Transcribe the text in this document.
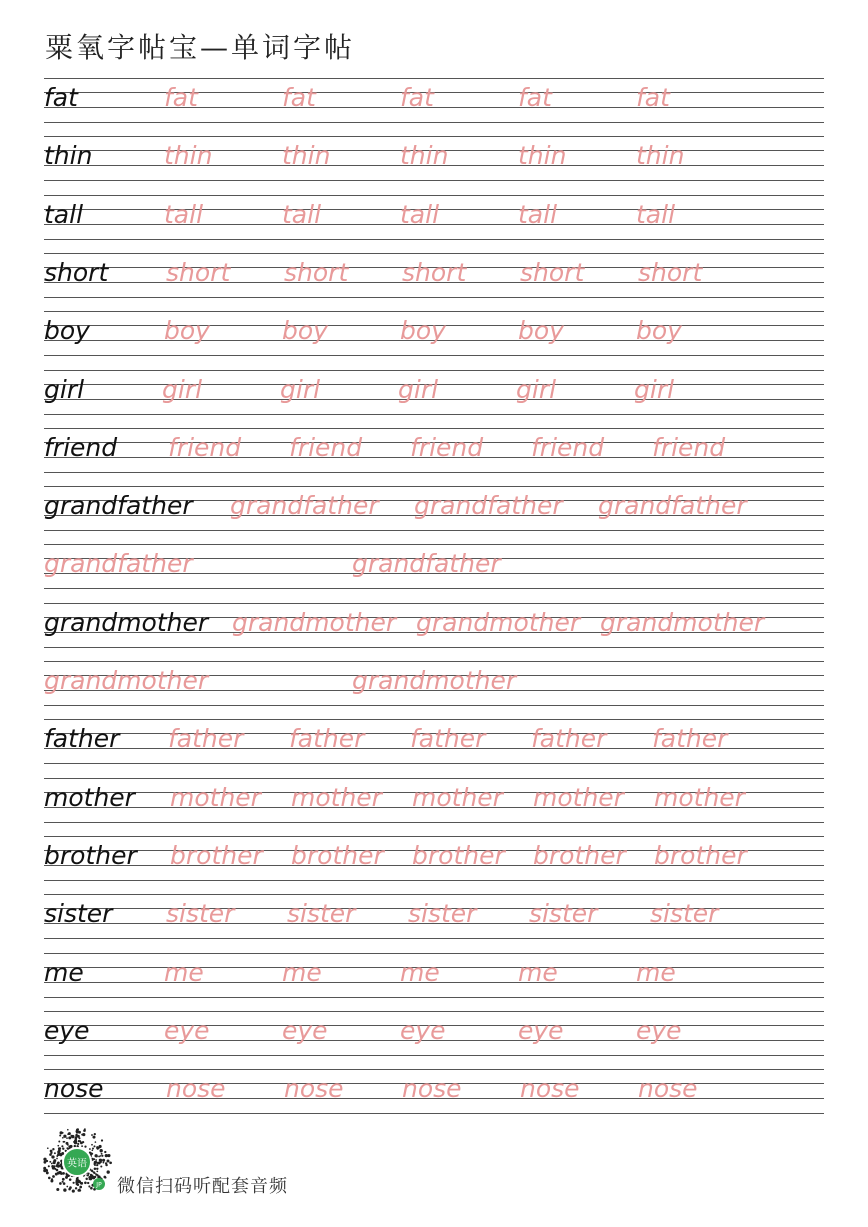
粟氧字帖宝—单词字帖
fat	fat	fat	fat	fat	fat
thin	thin	thin	thin	thin	thin
tall	tall	tall	tall	tall	tall
short short short short short short
boy	boy	boy	boy	boy	boy
girl	girl	girl	girl	girl	girl
friend friend friend friend friend friend
grandfather grandfather grandfather grandfather
grandfather	grandfather
grandmother grandmother grandmother grandmother
grandmother	grandmother
father father father father father father
mother mother mother mother mother mother
brother brother brother brother brother brother
sister sister sister sister sister sister
me	me	me	me	me	me
eye	eye	eye	eye	eye	eye
nose nose nose nose nose nose
英语
JP 微信扫码听配套音频
